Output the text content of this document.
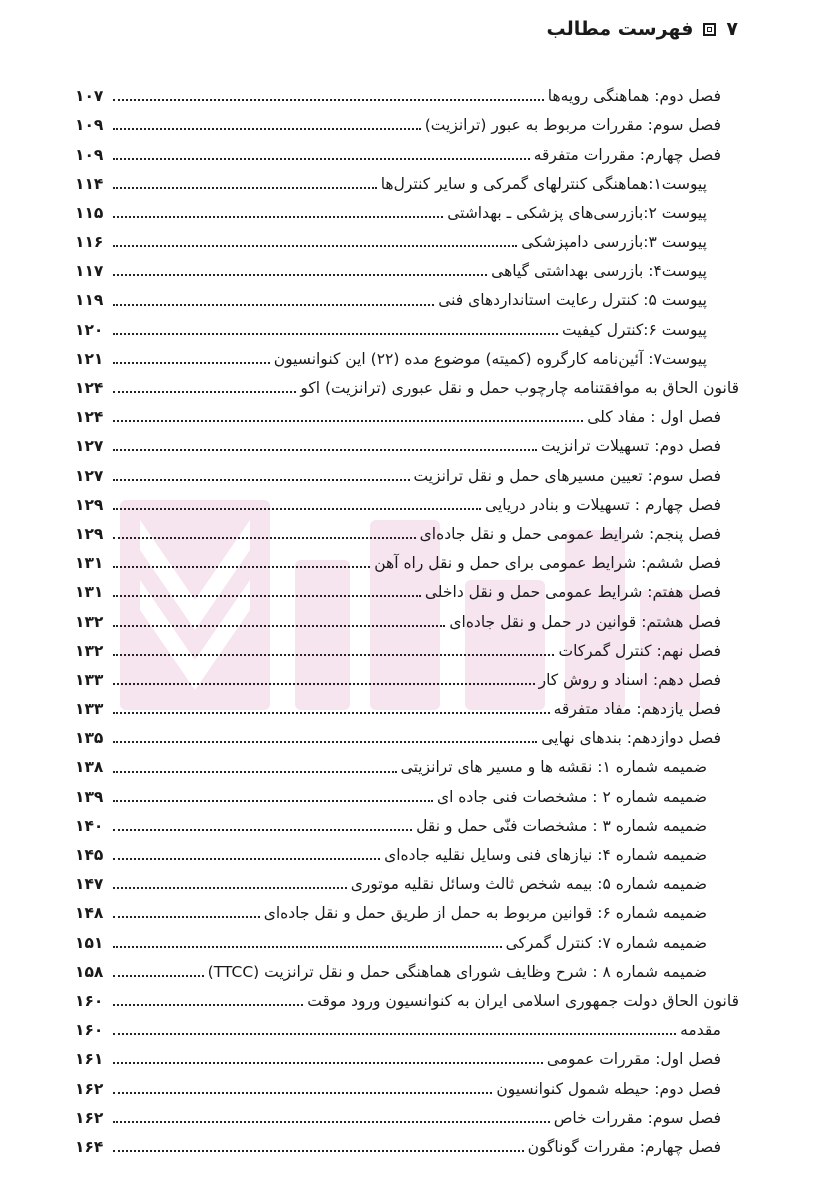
فهرست مطالب ۷
فصل دوم: هماهنگی رویه‌ها
۱۰۷
فصل سوم: مقررات مربوط به عبور (ترانزیت)
۱۰۹
فصل چهارم: مقررات متفرقه
۱۰۹
پیوست۱:هماهنگی کنترلهای گمرکی و سایر کنترل‌ها
۱۱۴
پیوست ۲:بازرسی‌های پزشکی ـ بهداشتی
۱۱۵
پیوست ۳:بازرسی دامپزشکی
۱۱۶
پیوست۴: بازرسی بهداشتی گیاهی
۱۱۷
پیوست ۵: کنترل رعایت استانداردهای فنی
۱۱۹
پیوست ۶:کنترل کیفیت
۱۲۰
پیوست۷: آئین‌نامه کارگروه (کمیته) موضوع مده (۲۲) این کنوانسیون
۱۲۱
قانون الحاق به موافقتنامه چارچوب حمل و نقل عبوری (ترانزیت) اکو
۱۲۴
فصل اول : مفاد کلی
۱۲۴
فصل دوم: تسهیلات ترانزیت
۱۲۷
فصل سوم: تعیین مسیرهای حمل و نقل ترانزیت
۱۲۷
فصل چهارم : تسهیلات و بنادر دریایی
۱۲۹
فصل پنجم: شرایط عمومی حمل و نقل جاده‌ای
۱۲۹
فصل ششم: شرایط عمومی برای حمل و نقل راه آهن
۱۳۱
فصل هفتم: شرایط عمومی حمل و نقل داخلی
۱۳۱
فصل هشتم: قوانین در حمل و نقل جاده‌ای
۱۳۲
فصل نهم: کنترل گمرکات
۱۳۲
فصل دهم: اسناد و روش کار
۱۳۳
فصل یازدهم: مفاد متفرقه
۱۳۳
فصل دوازدهم: بندهای نهایی
۱۳۵
ضمیمه شماره ۱: نقشه ها و مسیر های ترانزیتی
۱۳۸
ضمیمه شماره ۲ : مشخصات فنی جاده ای
۱۳۹
ضمیمه شماره ۳ : مشخصات فنّی حمل و نقل
۱۴۰
ضمیمه شماره ۴: نیازهای فنی وسایل نقلیه جاده‌ای
۱۴۵
ضمیمه شماره ۵: بیمه شخص ثالث وسائل نقلیه موتوری
۱۴۷
ضمیمه شماره ۶: قوانین مربوط به حمل از طریق حمل و نقل جاده‌ای
۱۴۸
ضمیمه شماره ۷: کنترل گمرکی
۱۵۱
ضمیمه شماره ۸ : شرح وظایف شورای هماهنگی حمل و نقل ترانزیت (TTCC)
۱۵۸
قانون الحاق دولت جمهوری اسلامی ایران به کنوانسیون ورود موقت
۱۶۰
مقدمه
۱۶۰
فصل اول: مقررات عمومی
۱۶۱
فصل دوم: حیطه شمول کنوانسیون
۱۶۲
فصل سوم: مقررات خاص
۱۶۲
فصل چهارم: مقررات گوناگون
۱۶۴
